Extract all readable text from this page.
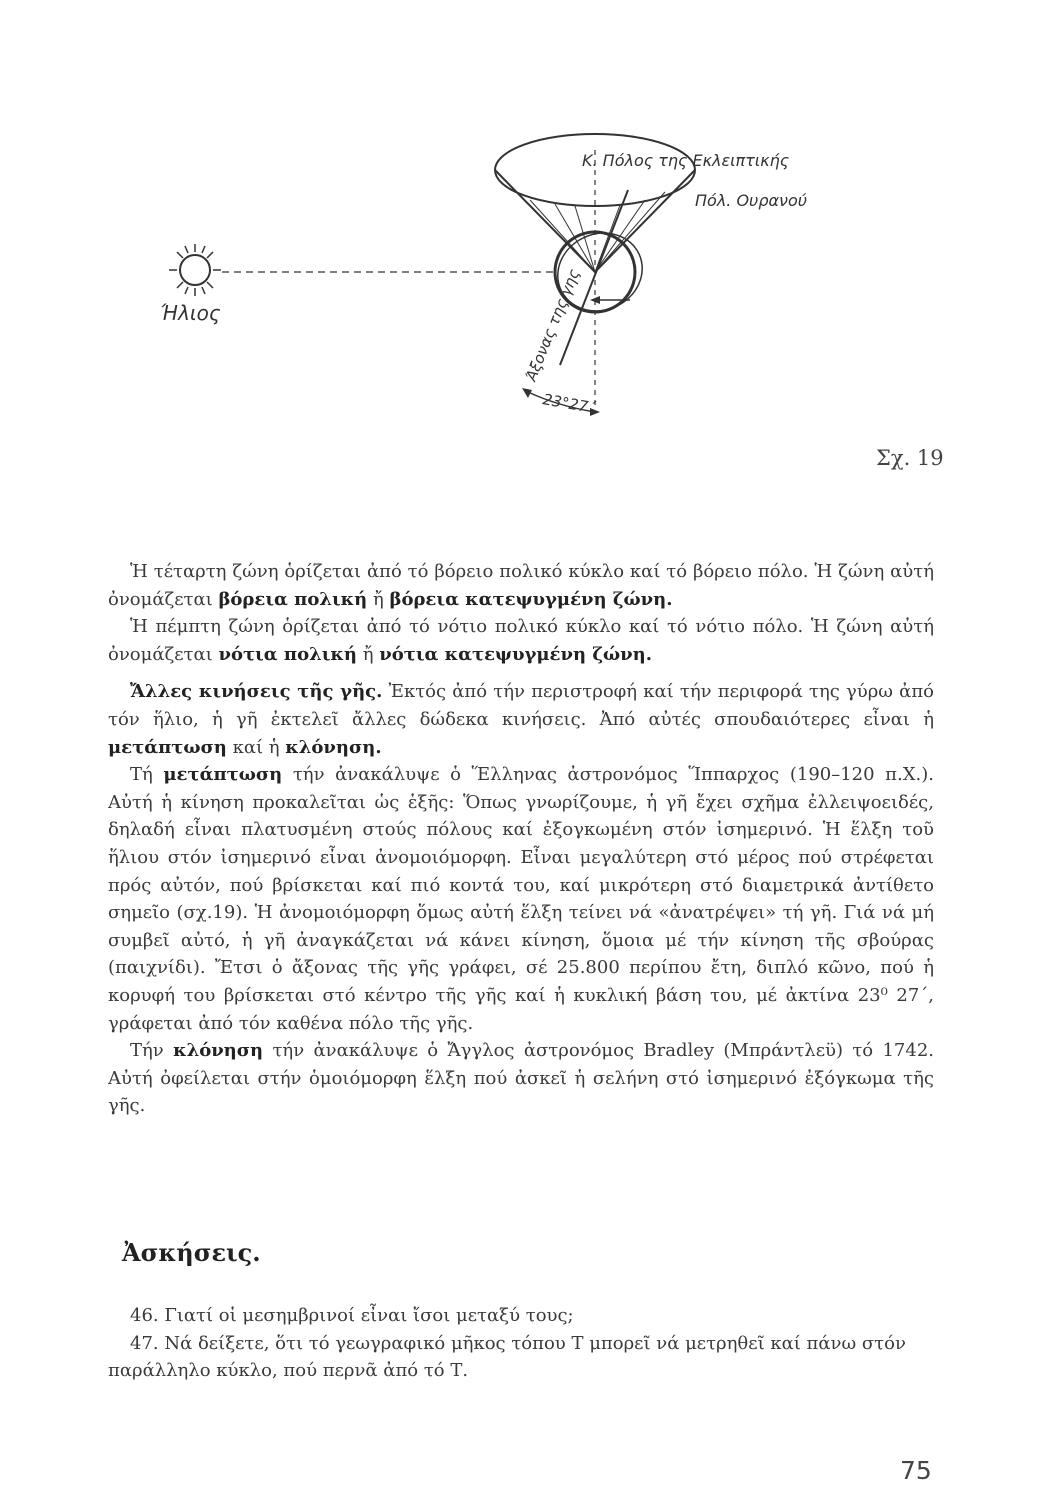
Κ. Πόλος της Εκλειπτικής
Πόλ. Ουρανού
Ήλιος	Άξονας της γης
23°27΄
Σχ. 19

Ἡ τέταρτη ζώνη ὁρίζεται ἀπό τό βόρειο πολικό κύκλο καί τό βόρειο πόλο. Ἡ ζώνη αὐτή ὀνομάζεται βόρεια πολική ἤ βόρεια κατεψυγμένη ζώνη.

Ἡ πέμπτη ζώνη ὁρίζεται ἀπό τό νότιο πολικό κύκλο καί τό νότιο πόλο. Ἡ ζώνη αὐτή ὀνομάζεται νότια πολική ἤ νότια κατεψυγμένη ζώνη.

Ἄλλες κινήσεις τῆς γῆς. Ἐκτός ἀπό τήν περιστροφή καί τήν περιφορά της γύρω ἀπό τόν ἥλιο, ἡ γῆ ἐκτελεῖ ἄλλες δώδεκα κινήσεις. Ἀπό αὐτές σπουδαιότερες εἶναι ἡ μετάπτωση καί ἡ κλόνηση.

Τή μετάπτωση τήν ἀνακάλυψε ὁ Ἕλληνας ἀστρονόμος Ἵππαρχος (190–120 π.Χ.). Αὐτή ἡ κίνηση προκαλεῖται ὡς ἑξῆς: Ὅπως γνωρίζουμε, ἡ γῆ ἔχει σχῆμα ἐλλειψοειδές, δηλαδή εἶναι πλατυσμένη στούς πόλους καί ἐξογκωμένη στόν ἰσημερινό. Ἡ ἕλξη τοῦ ἥλιου στόν ἰσημερινό εἶναι ἀνομοιόμορφη. Εἶναι μεγαλύτερη στό μέρος πού στρέφεται πρός αὐτόν, πού βρίσκεται καί πιό κοντά του, καί μικρότερη στό διαμετρικά ἀντίθετο σημεῖο (σχ.19). Ἡ ἀνομοιόμορφη ὅμως αὐτή ἕλξη τείνει νά «ἀνατρέψει» τή γῆ. Γιά νά μή συμβεῖ αὐτό, ἡ γῆ ἀναγκάζεται νά κάνει κίνηση, ὅμοια μέ τήν κίνηση τῆς σβούρας (παιχνίδι). Ἔτσι ὁ ἄξονας τῆς γῆς γράφει, σέ 25.800 περίπου ἔτη, διπλό κῶνο, πού ἡ κορυφή του βρίσκεται στό κέντρο τῆς γῆς καί ἡ κυκλική βάση του, μέ ἀκτίνα 23⁰ 27΄, γράφεται ἀπό τόν καθένα πόλο τῆς γῆς.

Τήν κλόνηση τήν ἀνακάλυψε ὁ Ἄγγλος ἀστρονόμος Bradley (Μπράντλεϋ) τό 1742. Αὐτή ὀφείλεται στήν ὁμοιόμορφη ἕλξη πού ἀσκεῖ ἡ σελήνη στό ἰσημερινό ἐξόγκωμα τῆς γῆς.

Ἀσκήσεις.

46. Γιατί οἱ μεσημβρινοί εἶναι ἴσοι μεταξύ τους;

47. Νά δείξετε, ὅτι τό γεωγραφικό μῆκος τόπου Τ μπορεῖ νά μετρηθεῖ καί πάνω στόν παράλληλο κύκλο, πού περνᾶ ἀπό τό Τ.

75
